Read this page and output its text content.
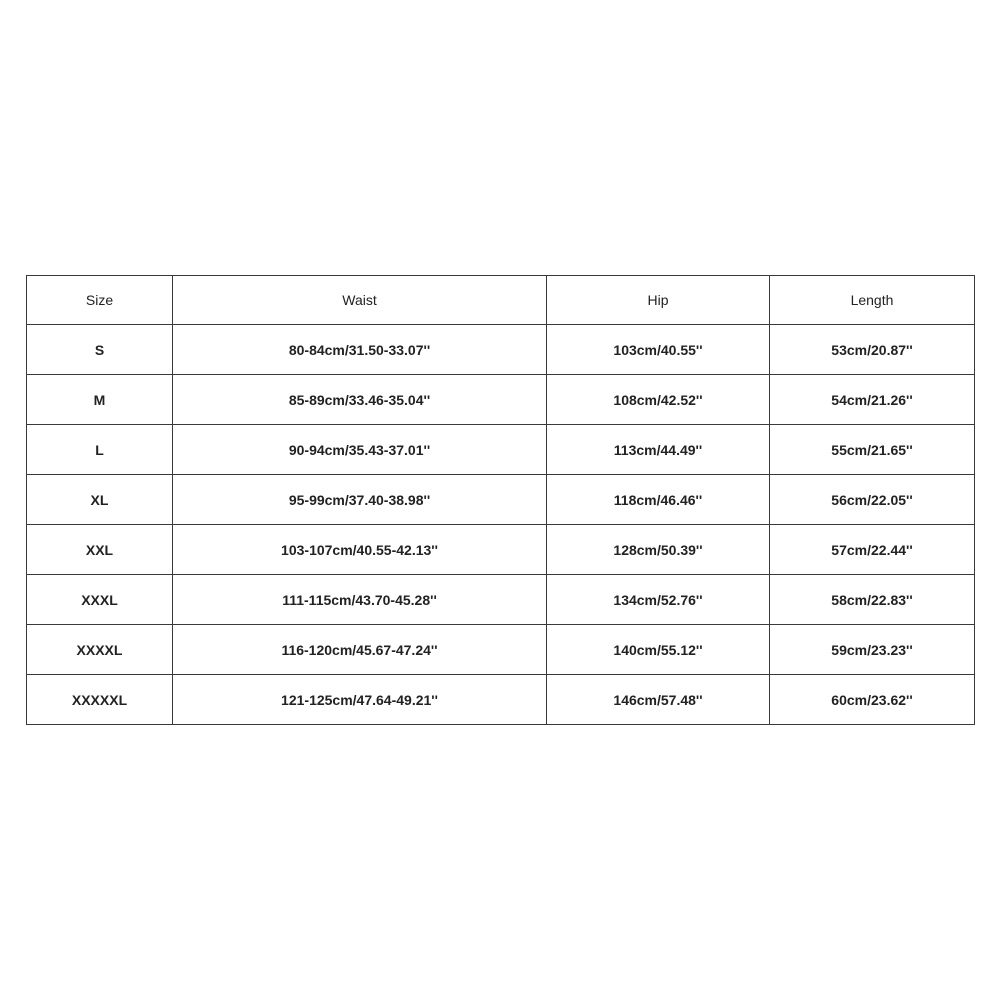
Size	Waist	Hip	Length
S	80-84cm/31.50-33.07''	103cm/40.55''	53cm/20.87''
M	85-89cm/33.46-35.04''	108cm/42.52''	54cm/21.26''
L	90-94cm/35.43-37.01''	113cm/44.49''	55cm/21.65''
XL	95-99cm/37.40-38.98''	118cm/46.46''	56cm/22.05''
XXL	103-107cm/40.55-42.13''	128cm/50.39''	57cm/22.44''
XXXL	111-115cm/43.70-45.28''	134cm/52.76''	58cm/22.83''
XXXXL	116-120cm/45.67-47.24''	140cm/55.12''	59cm/23.23''
XXXXXL	121-125cm/47.64-49.21''	146cm/57.48''	60cm/23.62''
